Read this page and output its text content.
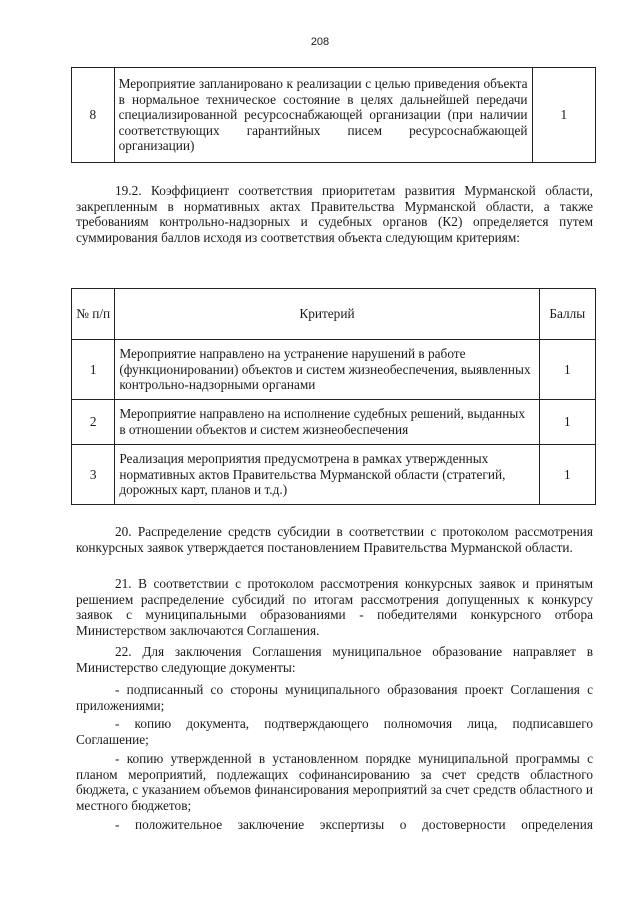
208
8	Мероприятие запланировано к реализации с целью приведения объекта в нормальное техническое состояние в целях дальнейшей передачи специализированной ресурсоснабжающей организации (при наличии соответствующих гарантийных писем ресурсоснабжающей организации)	1

19.2. Коэффициент соответствия приоритетам развития Мурманской области, закрепленным в нормативных актах Правительства Мурманской области, а также требованиям контрольно-надзорных и судебных органов (К2) определяется путем суммирования баллов исходя из соответствия объекта следующим критериям:

№ п/п	Критерий	Баллы
1	Мероприятие направлено на устранение нарушений в работе (функционировании) объектов и систем жизнеобеспечения, выявленных контрольно-надзорными органами	1
2	Мероприятие направлено на исполнение судебных решений, выданных в отношении объектов и систем жизнеобеспечения	1
3	Реализация мероприятия предусмотрена в рамках утвержденных нормативных актов Правительства Мурманской области (стратегий, дорожных карт, планов и т.д.)	1

20. Распределение средств субсидии в соответствии с протоколом рассмотрения конкурсных заявок утверждается постановлением Правительства Мурманской области.

21. В соответствии с протоколом рассмотрения конкурсных заявок и принятым решением распределение субсидий по итогам рассмотрения допущенных к конкурсу заявок с муниципальными образованиями - победителями конкурсного отбора Министерством заключаются Соглашения.

22. Для заключения Соглашения муниципальное образование направляет в Министерство следующие документы:

- подписанный со стороны муниципального образования проект Соглашения с приложениями;

- копию документа, подтверждающего полномочия лица, подписавшего Соглашение;

- копию утвержденной в установленном порядке муниципальной программы с планом мероприятий, подлежащих софинансированию за счет средств областного бюджета, с указанием объемов финансирования мероприятий за счет средств областного и местного бюджетов;

- положительное заключение экспертизы о достоверности определения
